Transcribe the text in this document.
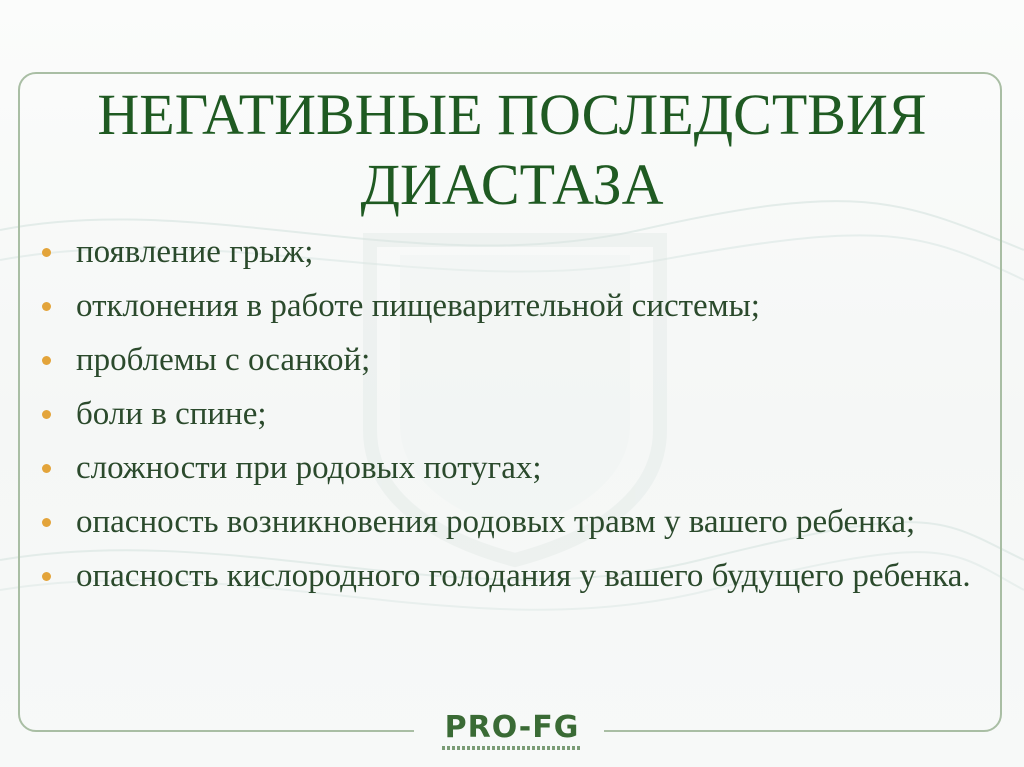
НЕГАТИВНЫЕ ПОСЛЕДСТВИЯ
ДИАСТАЗА
появление грыж;
отклонения в работе пищеварительной системы;
проблемы с осанкой;
боли в спине;
сложности при родовых потугах;
опасность возникновения родовых травм у вашего ребенка;
опасность кислородного голодания у вашего будущего ребенка.
PRO-FG
